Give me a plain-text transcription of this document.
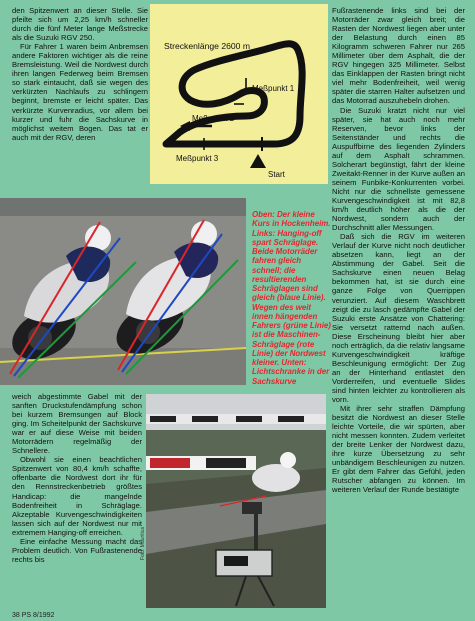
den Spitzenwert an dieser Stelle. Sie pfeilte sich um 2,25 km/h schneller durch die fünf Meter lange Meßstrecke als die Suzuki RGV 250.

Für Fahrer 1 waren beim Anbremsen andere Faktoren wichtiger als die reine Bremsleistung. Weil die Nordwest durch ihren langen Federweg beim Bremsen so stark eintaucht, daß sie wegen des verkürzten Nachlaufs zu schlingern beginnt, bremste er leicht später. Das verkürzte Kurvenradius, vor allem bei kurzer und fuhr die Sachskurve in möglichst weitem Bogen. Das tat er auch mit der RGV, deren

Streckenlänge 2600 m
Meßpunkt 1
Meßpunkt 2
Meßpunkt 3
Start
Oben: Der kleine Kurs in Hockenheim. Links: Hanging-off spart Schräglage. Beide Motorräder fahren gleich schnell; die resultierenden Schräglagen sind gleich (blaue Linie). Wegen des weit innen hängenden Fahrers (grüne Linie) ist die Maschinen-Schräglage (rote Linie) der Nordwest kleiner. Unten: Lichtschranke in der Sachskurve

weich abgestimmte Gabel mit der sanften Druckstufendämpfung schon bei kurzem Bremsungen auf Block ging. Im Scheitelpunkt der Sachskurve war er auf diese Weise mit beiden Motorrädern regelmäßig der Schnellere.

Obwohl sie einen beachtlichen Spitzenwert von 80,4 km/h schaffte, offenbarte die Nordwest dort ihr für den Rennstreckenbetrieb größtes Handicap: die mangelnde Bodenfreiheit in Schräglage. Akzeptable Kurvengeschwindigkeiten lassen sich auf der Nordwest nur mit extremem Hanging-off erreichen.

Eine einfache Messung macht das Problem deutlich. Von Fußrastenende rechts bis	Foto: Mauritius

Fußrastenende links sind bei der Motorräder zwar gleich breit; die Rasten der Nordwest liegen aber unter der Belastung durch einen 85 Kilogramm schweren Fahrer nur 265 Millimeter über dem Asphalt, die der RGV hingegen 325 Millimeter. Selbst das Einklappen der Rasten bringt nicht viel mehr Bodenfreiheit, weil wenig später die starren Halter aufsetzen und das Motorrad auszuhebeln drohen.

Die Suzuki kratzt nicht nur viel später, sie hat auch noch mehr Reserven, bevor links der Seitenständer und rechts die Auspuffbirne des liegenden Zylinders auf dem Asphalt schrammen. Solcherart begünstigt, fährt der kleine Zweitakt-Renner in der Kurve außen an seinem Funbike-Konkurrenten vorbei. Nicht nur die schnellste gemessene Kurvengeschwindigkeit ist mit 82,8 km/h deutlich höher als die der Nordwest, sondern auch der Durchschnitt aller Messungen.

Daß sich die RGV im weiteren Verlauf der Kurve nicht noch deutlicher absetzen kann, liegt an der Abstimmung der Gabel. Seit die Sachskurve einen neuen Belag bekommen hat, ist sie durch eine ganze Folge von Querrippen verunziert. Auf diesem Waschbrett zeigt die zu lasch gedämpfte Gabel der Suzuki erste Ansätze von Chattering: Sie versetzt ratternd nach außen. Diese Erscheinung bleibt hier aber noch erträglich, da die relativ langsame Kurvengeschwindigkeit kräftige Beschleunigung ermöglicht: Der Zug an der Hinterhand entlastet den Vorderreifen, und eventuelle Slides sind hinten leichter zu kontrollieren als vorn.

Mit ihrer sehr straffen Dämpfung besitzt die Nordwest an dieser Stelle leichte Vorteile, die wir spürten, aber nicht messen konnten. Zudem verleitet der breite Lenker der Nordwest dazu, ihre kurze Übersetzung zu sehr unbändigem Beschleunigen zu nutzen. Er gibt dem Fahrer das Gefühl, jeden Rutscher abfangen zu können. Im weiteren Verlauf der Runde bestätigte

38 PS 8/1992
